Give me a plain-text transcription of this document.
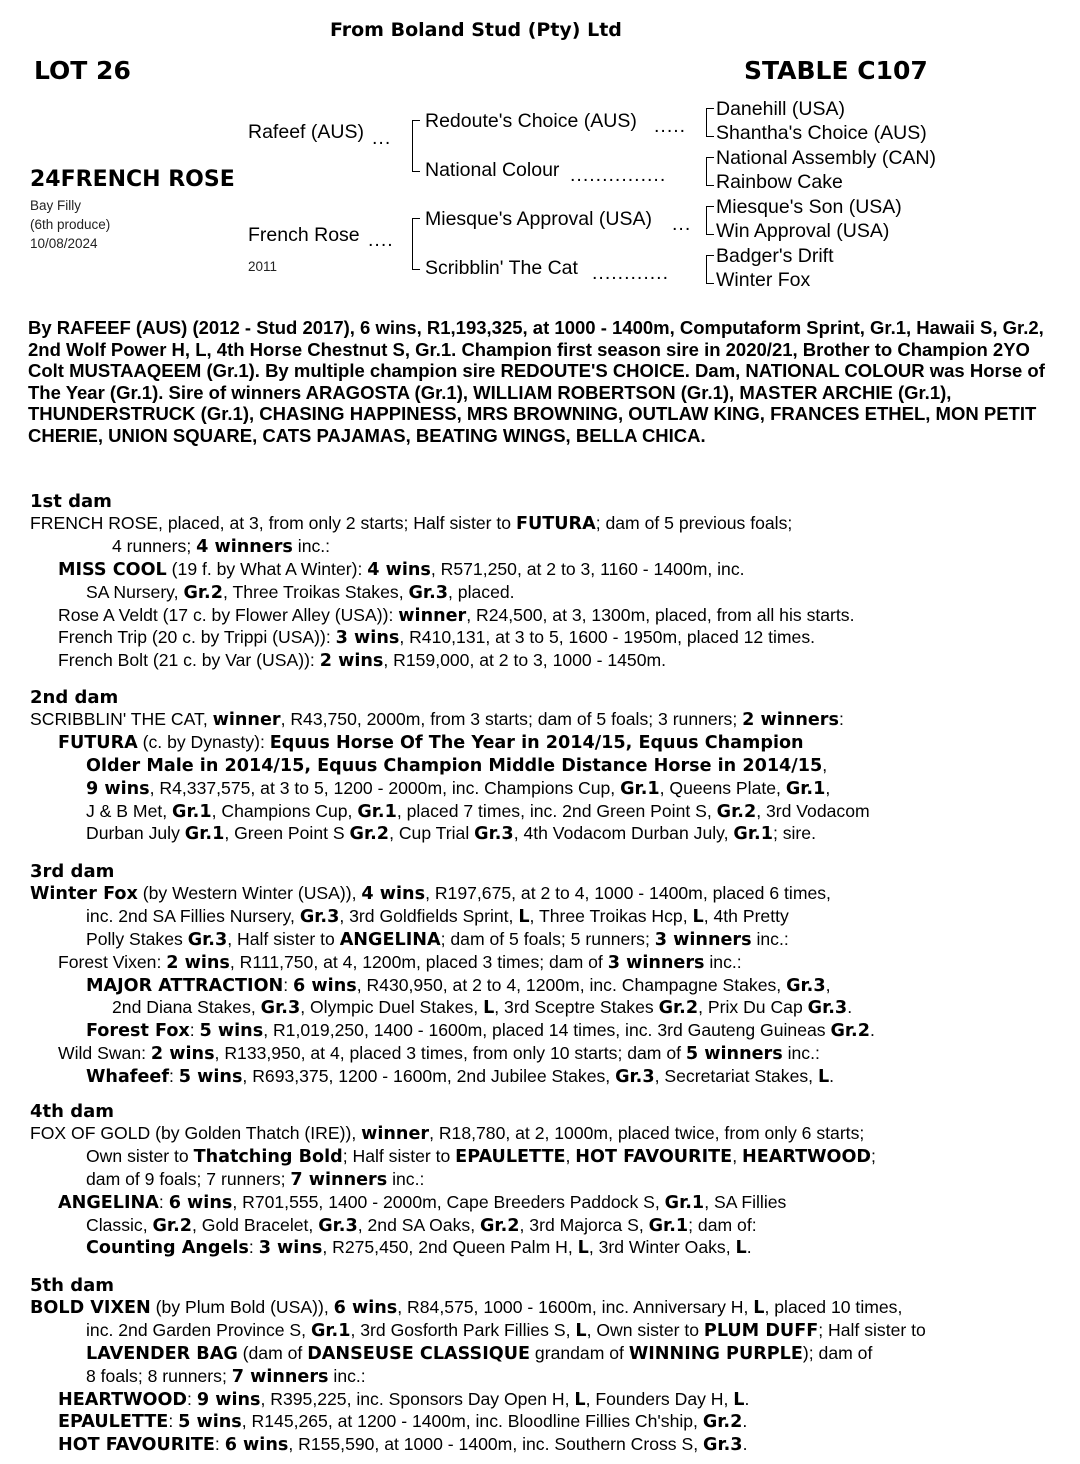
From Boland Stud (Pty) Ltd
LOT 26	STABLE C107
24FRENCH ROSE
Bay Filly
(6th produce)
10/08/2024
Rafeef (AUS) ...
French Rose ....
2011
Redoute's Choice (AUS) .....
National Colour ...............
Miesque's Approval (USA) ...
Scribblin' The Cat ............
Danehill (USA)
Shantha's Choice (AUS)
National Assembly (CAN)
Rainbow Cake
Miesque's Son (USA)
Win Approval (USA)
Badger's Drift
Winter Fox
By RAFEEF (AUS) (2012 - Stud 2017), 6 wins, R1,193,325, at 1000 - 1400m, Computaform Sprint, Gr.1, Hawaii S, Gr.2, 2nd Wolf Power H, L, 4th Horse Chestnut S, Gr.1. Champion first season sire in 2020/21, Brother to Champion 2YO Colt MUSTAAQEEM (Gr.1). By multiple champion sire REDOUTE'S CHOICE. Dam, NATIONAL COLOUR was Horse of The Year (Gr.1). Sire of winners ARAGOSTA (Gr.1), WILLIAM ROBERTSON (Gr.1), MASTER ARCHIE (Gr.1), THUNDERSTRUCK (Gr.1), CHASING HAPPINESS, MRS BROWNING, OUTLAW KING, FRANCES ETHEL, MON PETIT CHERIE, UNION SQUARE, CATS PAJAMAS, BEATING WINGS, BELLA CHICA.

1st dam

FRENCH ROSE, placed, at 3, from only 2 starts; Half sister to FUTURA; dam of 5 previous foals;

4 runners; 4 winners inc.:

MISS COOL (19 f. by What A Winter): 4 wins, R571,250, at 2 to 3, 1160 - 1400m, inc.

SA Nursery, Gr.2, Three Troikas Stakes, Gr.3, placed.

Rose A Veldt (17 c. by Flower Alley (USA)): winner, R24,500, at 3, 1300m, placed, from all his starts.

French Trip (20 c. by Trippi (USA)): 3 wins, R410,131, at 3 to 5, 1600 - 1950m, placed 12 times.

French Bolt (21 c. by Var (USA)): 2 wins, R159,000, at 2 to 3, 1000 - 1450m.

2nd dam

SCRIBBLIN' THE CAT, winner, R43,750, 2000m, from 3 starts; dam of 5 foals; 3 runners; 2 winners:

FUTURA (c. by Dynasty): Equus Horse Of The Year in 2014/15, Equus Champion

Older Male in 2014/15, Equus Champion Middle Distance Horse in 2014/15,

9 wins, R4,337,575, at 3 to 5, 1200 - 2000m, inc. Champions Cup, Gr.1, Queens Plate, Gr.1,

J & B Met, Gr.1, Champions Cup, Gr.1, placed 7 times, inc. 2nd Green Point S, Gr.2, 3rd Vodacom

Durban July Gr.1, Green Point S Gr.2, Cup Trial Gr.3, 4th Vodacom Durban July, Gr.1; sire.

3rd dam

Winter Fox (by Western Winter (USA)), 4 wins, R197,675, at 2 to 4, 1000 - 1400m, placed 6 times,

inc. 2nd SA Fillies Nursery, Gr.3, 3rd Goldfields Sprint, L, Three Troikas Hcp, L, 4th Pretty

Polly Stakes Gr.3, Half sister to ANGELINA; dam of 5 foals; 5 runners; 3 winners inc.:

Forest Vixen: 2 wins, R111,750, at 4, 1200m, placed 3 times; dam of 3 winners inc.:

MAJOR ATTRACTION: 6 wins, R430,950, at 2 to 4, 1200m, inc. Champagne Stakes, Gr.3,

2nd Diana Stakes, Gr.3, Olympic Duel Stakes, L, 3rd Sceptre Stakes Gr.2, Prix Du Cap Gr.3.

Forest Fox: 5 wins, R1,019,250, 1400 - 1600m, placed 14 times, inc. 3rd Gauteng Guineas Gr.2.

Wild Swan: 2 wins, R133,950, at 4, placed 3 times, from only 10 starts; dam of 5 winners inc.:

Whafeef: 5 wins, R693,375, 1200 - 1600m, 2nd Jubilee Stakes, Gr.3, Secretariat Stakes, L.

4th dam

FOX OF GOLD (by Golden Thatch (IRE)), winner, R18,780, at 2, 1000m, placed twice, from only 6 starts;

Own sister to Thatching Bold; Half sister to EPAULETTE, HOT FAVOURITE, HEARTWOOD;

dam of 9 foals; 7 runners; 7 winners inc.:

ANGELINA: 6 wins, R701,555, 1400 - 2000m, Cape Breeders Paddock S, Gr.1, SA Fillies

Classic, Gr.2, Gold Bracelet, Gr.3, 2nd SA Oaks, Gr.2, 3rd Majorca S, Gr.1; dam of:

Counting Angels: 3 wins, R275,450, 2nd Queen Palm H, L, 3rd Winter Oaks, L.

5th dam

BOLD VIXEN (by Plum Bold (USA)), 6 wins, R84,575, 1000 - 1600m, inc. Anniversary H, L, placed 10 times,

inc. 2nd Garden Province S, Gr.1, 3rd Gosforth Park Fillies S, L, Own sister to PLUM DUFF; Half sister to

LAVENDER BAG (dam of DANSEUSE CLASSIQUE grandam of WINNING PURPLE); dam of

8 foals; 8 runners; 7 winners inc.:

HEARTWOOD: 9 wins, R395,225, inc. Sponsors Day Open H, L, Founders Day H, L.

EPAULETTE: 5 wins, R145,265, at 1200 - 1400m, inc. Bloodline Fillies Ch'ship, Gr.2.

HOT FAVOURITE: 6 wins, R155,590, at 1000 - 1400m, inc. Southern Cross S, Gr.3.
